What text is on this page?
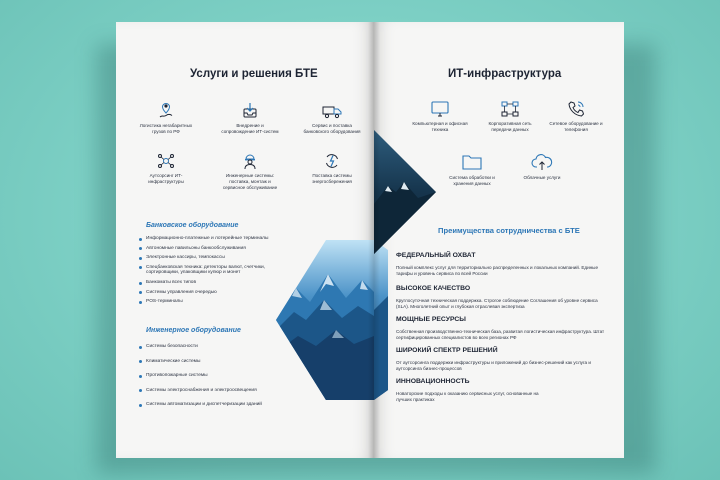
Услуги и решения БТЕ
Логистика негабаритных грузов по РФ
Внедрение и сопровождение ИТ-систем
Сервис и поставка банковского оборудования
Аутсорсинг ИТ-инфраструктуры
Инженерные системы: поставка, монтаж и сервисное обслуживание
Поставка системы энергосбережения
Банковское оборудование
Информационно-платежные и лотерейные терминалы
Автономные павильоны банкообслуживания
Электронные кассиры, темпокассы
Спецбанковская техника: детекторы валют, счетчики, сортировщики, упаковщики купюр и монет
Банкоматы всех типов
Системы управления очередью
POS-терминалы
Инженерное оборудование
Системы безопасности
Климатические системы
Противопожарные системы
Системы электроснабжения и электроосвещения
Системы автоматизации и диспетчеризации зданий
ИТ-инфраструктура
Компьютерная и офисная техника
Корпоративная сеть передачи данных
Сетевое оборудование и телефония
Система обработки и хранения данных
Облачные услуги
Преимущества сотрудничества с БТЕ
ФЕДЕРАЛЬНЫЙ ОХВАТ
Полный комплекс услуг для территориально распределенных и локальных компаний. Единые тарифы и уровень сервиса по всей России
ВЫСОКОЕ КАЧЕСТВО
Круглосуточная техническая поддержка. Строгое соблюдение Соглашения об уровне сервиса (SLA). Многолетний опыт и глубокая отраслевая экспертиза
МОЩНЫЕ РЕСУРСЫ
Собственная производственно-техническая база, развитая логистическая инфраструктура. Штат сертифицированных специалистов во всех регионах РФ
ШИРОКИЙ СПЕКТР РЕШЕНИЙ
От аутсорсинга поддержки инфраструктуры и приложений до бизнес-решений как услуга и аутсорсинга бизнес-процессов
ИННОВАЦИОННОСТЬ
Новаторские подходы к оказанию сервисных услуг, основанные на лучших практиках
